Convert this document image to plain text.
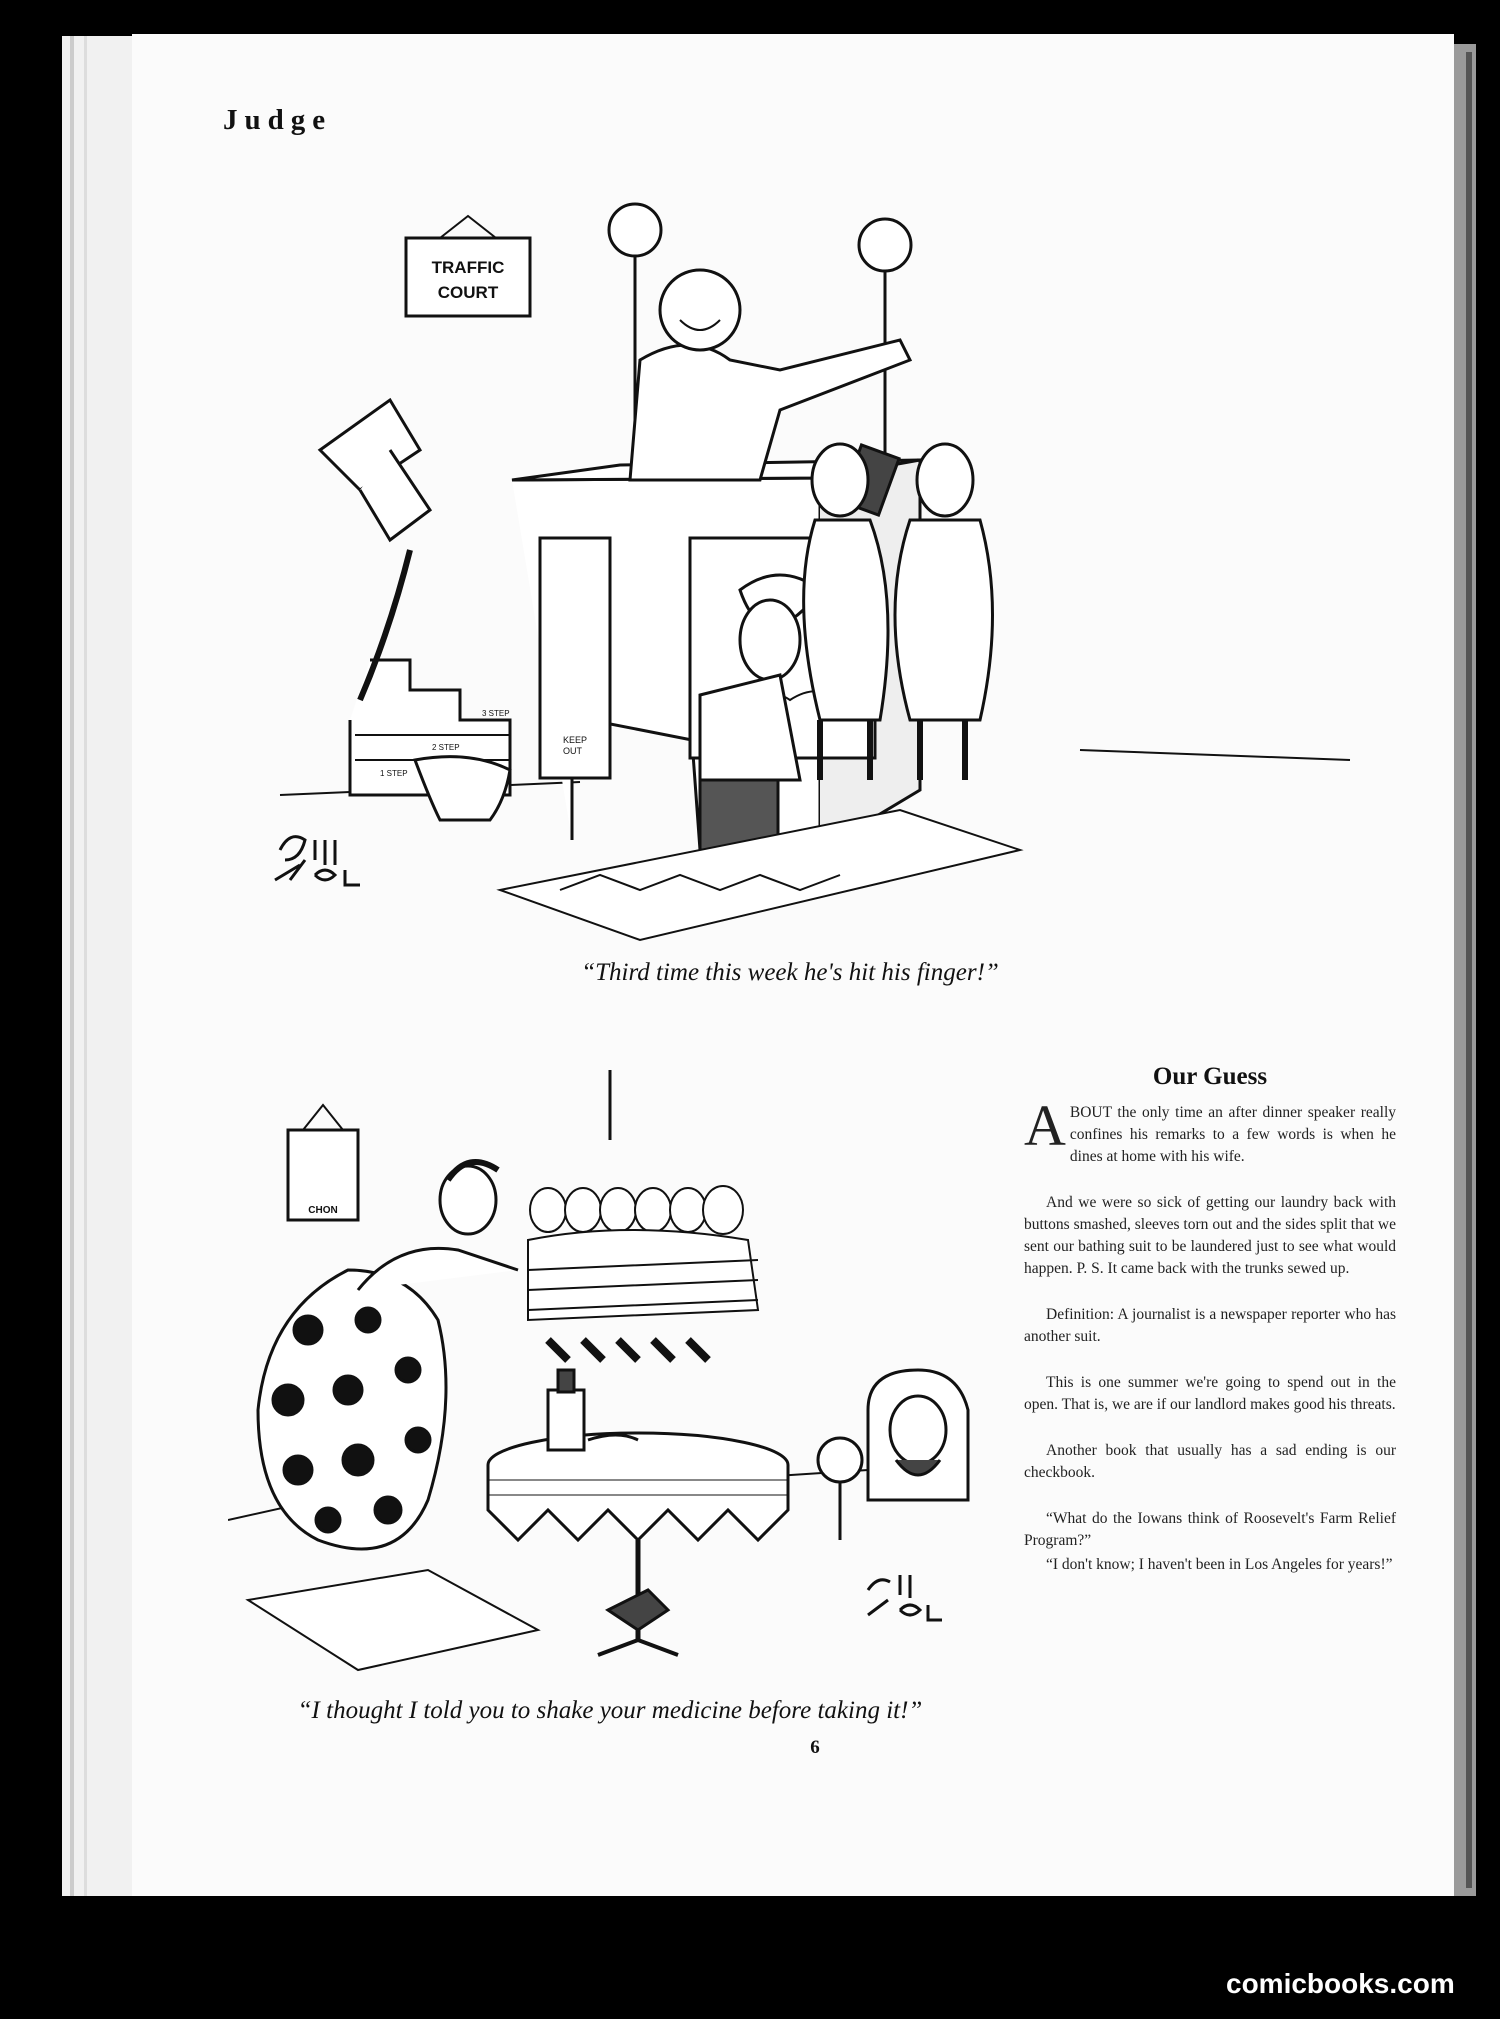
Judge
TRAFFIC
COURT
3 STEP
2 STEP
1 STEP
KEEP
OUT

“Third time this week he's hit his finger!”

CHON

“I thought I told you to shake your medicine before taking it!”

Our Guess

ABOUT the only time an after dinner speaker really confines his remarks to a few words is when he dines at home with his wife.

And we were so sick of getting our laundry back with buttons smashed, sleeves torn out and the sides split that we sent our bathing suit to be laundered just to see what would happen. P. S. It came back with the trunks sewed up.

Definition: A journalist is a newspaper reporter who has another suit.

This is one summer we're going to spend out in the open. That is, we are if our landlord makes good his threats.

Another book that usually has a sad ending is our checkbook.

“What do the Iowans think of Roosevelt's Farm Relief Program?”

“I don't know; I haven't been in Los Angeles for years!”

6

comicbooks.com
